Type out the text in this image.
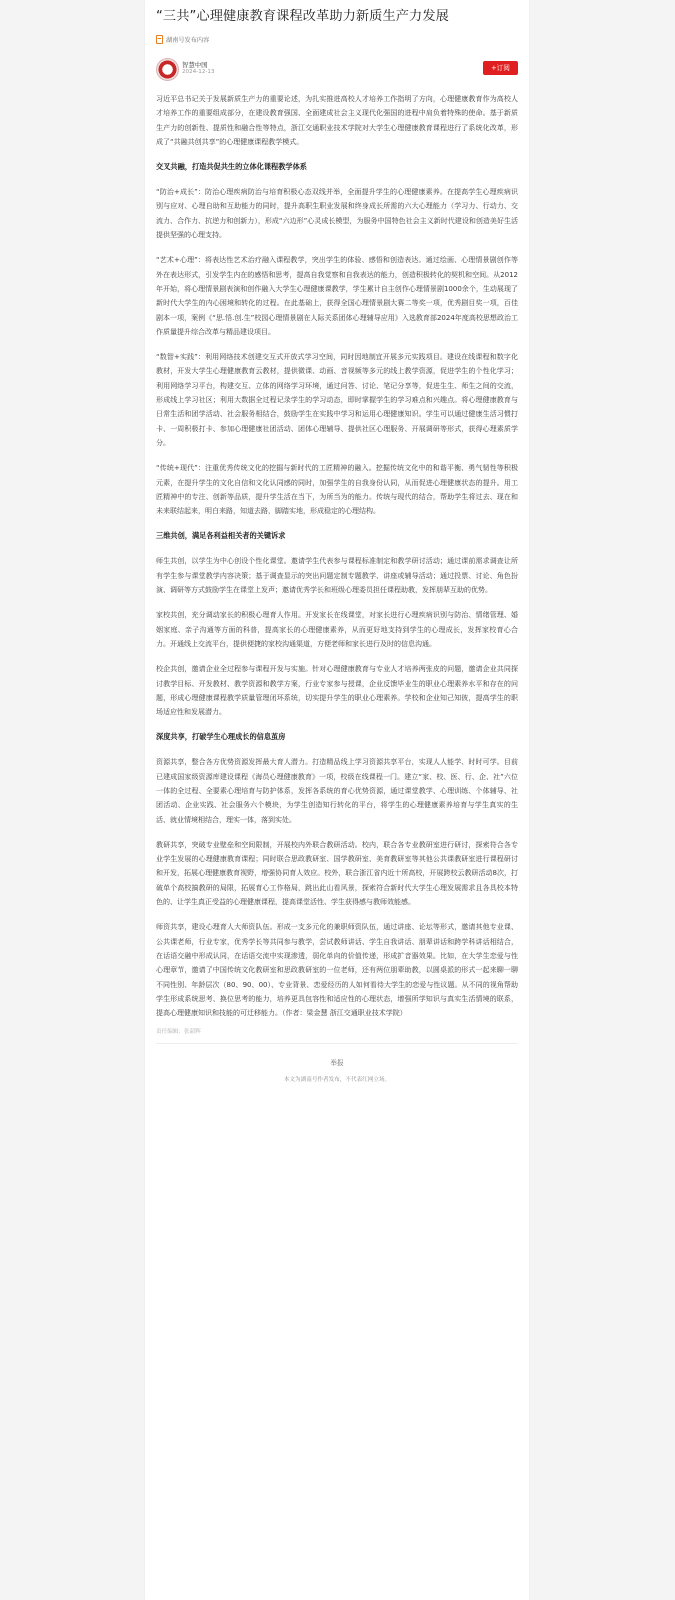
“三共”心理健康教育课程改革助力新质生产力发展
湖南号发布内容
智慧中国
2024-12-13	+订阅

习近平总书记关于发展新质生产力的重要论述，为扎实推进高校人才培养工作指明了方向，心理健康教育作为高校人才培养工作的重要组成部分，在建设教育强国、全面建成社会主义现代化强国的进程中肩负着特殊的使命。基于新质生产力的创新性、提质性和融合性等特点，浙江交通职业技术学院对大学生心理健康教育课程进行了系统化改革，形成了“共融共创共享”的心理健康课程教学模式。

交叉共融，打造共促共生的立体化课程教学体系

“防治+成长”：防治心理疾病防治与培育积极心态双线并举，全面提升学生的心理健康素养。在提高学生心理疾病识别与应对、心理自助和互助能力的同时，提升高职生职业发展和终身成长所需的六大心理能力（学习力、行动力、交流力、合作力、抗逆力和创新力），形成“六边形”心灵成长模型，为服务中国特色社会主义新时代建设和创造美好生活提供坚强的心理支持。

“艺术+心理”：将表达性艺术治疗融入课程教学，突出学生的体验、感悟和创造表达。通过绘画、心理情景剧创作等外在表达形式，引发学生内在的感悟和思考，提高自我觉察和自我表达的能力，创造积极转化的契机和空间。从2012年开始，将心理情景剧表演和创作融入大学生心理健康课教学，学生累计自主创作心理情景剧1000余个，生动展现了新时代大学生的内心困境和转化的过程。在此基础上，获得全国心理情景剧大赛二等奖一项，优秀剧目奖一项，百佳剧本一项，案例《“思.悟.创.生”校园心理情景剧在人际关系团体心理辅导应用》入选教育部2024年度高校思想政治工作质量提升综合改革与精品建设项目。

“数智+实践”：利用网络技术创建交互式开放式学习空间，同时因地制宜开展多元实践项目。建设在线课程和数字化教材，开发大学生心理健康教育云教材，提供微课、动画、音视频等多元的线上教学资源，促进学生的个性化学习；利用网络学习平台，构建交互、立体的网络学习环境，通过问答、讨论、笔记分享等，促进生生、师生之间的交流，形成线上学习社区；利用大数据全过程记录学生的学习动态，即时掌握学生的学习难点和兴趣点。将心理健康教育与日常生活和团学活动、社会服务相结合，鼓励学生在实践中学习和运用心理健康知识。学生可以通过健康生活习惯打卡、一周积极打卡、参加心理健康社团活动、团体心理辅导、提供社区心理服务、开展调研等形式，获得心理素质学分。

“传统+现代”：注重优秀传统文化的挖掘与新时代的工匠精神的融入。挖掘传统文化中的和谐平衡、勇气韧性等积极元素，在提升学生的文化自信和文化认同感的同时，加强学生的自我身份认同，从而促进心理健康状态的提升。用工匠精神中的专注、创新等品质，提升学生活在当下，为所当为的能力。传统与现代的结合，帮助学生将过去、现在和未来联结起来，明白来路，知道去路，脚踏实地，形成稳定的心理结构。

三维共创，满足各利益相关者的关键诉求

师生共创，以学生为中心创设个性化课堂。邀请学生代表参与课程标准制定和教学研讨活动；通过课前需求调查让所有学生参与课堂教学内容决策；基于调查显示的突出问题定制专题教学、讲座或辅导活动；通过投票、讨论、角色扮演、调研等方式鼓励学生在课堂上发声；邀请优秀学长和班级心理委员担任课程助教，发挥朋辈互助的优势。

家校共创，充分调动家长的积极心理育人作用。开发家长在线课堂，对家长进行心理疾病识别与防治、情绪管理、婚姻家庭、亲子沟通等方面的科普，提高家长的心理健康素养，从而更好地支持到学生的心理成长，发挥家校育心合力。开通线上交流平台，提供便捷的家校沟通渠道，方便老师和家长进行及时的信息沟通。

校企共创，邀请企业全过程参与课程开发与实施。针对心理健康教育与专业人才培养两张皮的问题，邀请企业共同探讨教学目标、开发教材、教学资源和教学方案，行业专家参与授课，企业反馈毕业生的职业心理素养水平和存在的问题，形成心理健康课程教学质量管理闭环系统，切实提升学生的职业心理素养。学校和企业知己知彼，提高学生的职场适应性和发展潜力。

深度共享，打破学生心理成长的信息茧房

资源共享，整合各方优势资源发挥最大育人潜力。打造精品线上学习资源共享平台，实现人人能学、时时可学。目前已建成国家级资源库建设课程《海员心理健康教育》一项，校级在线课程一门。建立“家、校、医、行、企、社”六位一体的全过程、全要素心理培育与防护体系，发挥各系统的育心优势资源，通过课堂教学、心理训练、个体辅导、社团活动、企业实践、社会服务六个模块，为学生创造知行转化的平台，将学生的心理健康素养培育与学生真实的生活、就业情境相结合，理实一体，落到实处。

教研共享，突破专业壁垒和空间限制，开展校内外联合教研活动。校内，联合各专业教研室进行研讨，探索符合各专业学生发展的心理健康教育课程；同时联合思政教研室、国学教研室、美育教研室等其他公共课教研室进行课程研讨和开发，拓展心理健康教育视野，增强协同育人效应。校外，联合浙江省内近十所高校，开展跨校云教研活动8次，打破单个高校搞教研的局限，拓展育心工作格局，跳出此山看风景，探索符合新时代大学生心理发展需求且各具校本特色的、让学生真正受益的心理健康课程，提高课堂活性、学生获得感与教师效能感。

师资共享，建设心理育人大师资队伍。形成一支多元化的兼职师资队伍，通过讲座、论坛等形式，邀请其他专业课、公共课老师，行业专家，优秀学长等共同参与教学，尝试教师讲话、学生自我讲话、朋辈讲话和跨学科讲话相结合，在话语交融中形成认同，在话语交流中实现渗透，弱化单向的价值传递，形成扩音器效果。比如，在大学生恋爱与性心理章节，邀请了中国传统文化教研室和思政教研室的一位老师，还有两位朋辈助教，以圆桌派的形式一起来聊一聊不同性别、年龄层次（80、90、00）、专业背景、恋爱经历的人如何看待大学生的恋爱与性议题。从不同的视角帮助学生形成系统思考、换位思考的能力，培养更具包容性和适应性的心理状态，增强所学知识与真实生活情境的联系，提高心理健康知识和技能的可迁移能力。（作者：梁金慧 浙江交通职业技术学院）

责任编辑：张韶辉
举报
本文为湖南号作者发布，不代表红网立场。
